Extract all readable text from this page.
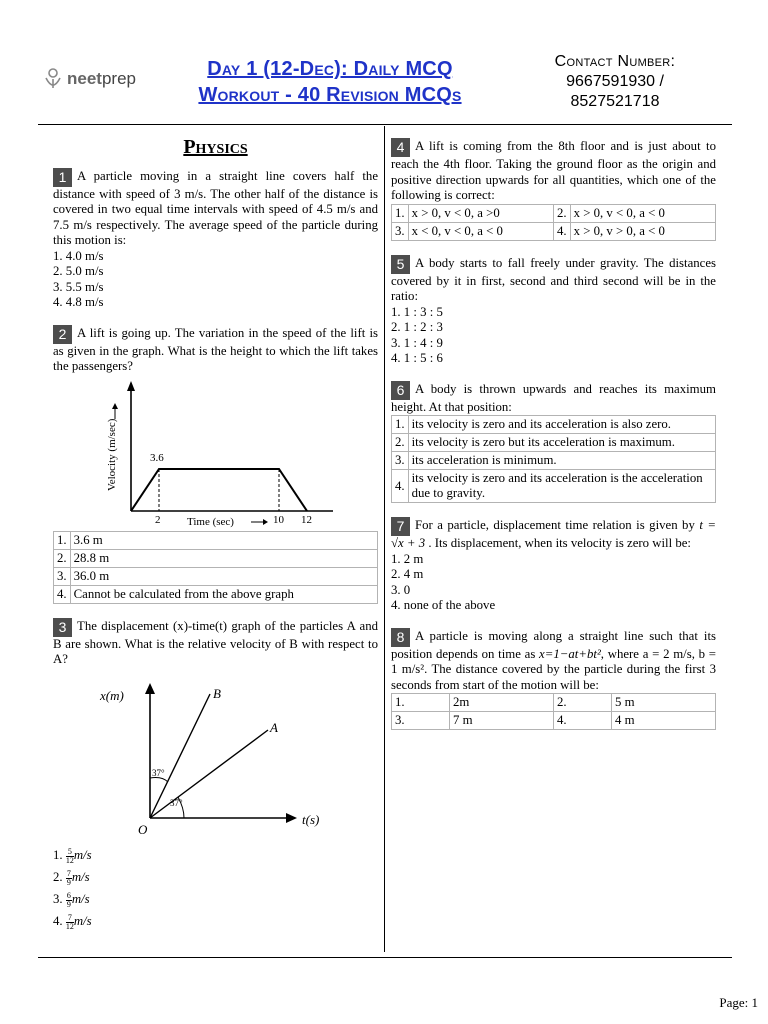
neetprep	Day 1 (12-Dec): Daily MCQ
Workout - 40 Revision MCQs
Contact Number:
9667591930 /
8527521718
Physics
1 A particle moving in a straight line covers half the distance with speed of 3 m/s. The other half of the distance is covered in two equal time intervals with speed of 4.5 m/s and 7.5 m/s respectively. The average speed of the particle during this motion is:
1. 4.0 m/s
2. 5.0 m/s
3. 5.5 m/s
4. 4.8 m/s
2 A lift is going up. The variation in the speed of the lift is as given in the graph. What is the height to which the lift takes the passengers?
3.6
2	10 12
Time (sec)
Velocity (m/sec)
1.	3.6 m
2.	28.8 m
3.	36.0 m
4.	Cannot be calculated from the above graph
3 The displacement (x)-time(t) graph of the particles A and B are shown. What is the relative velocity of B with respect to A?
x(m)
t(s)
O
B
A
37°
37°
1. $\frac{5}{12} m/s$
2. $\frac{7}{9} m/s$
3. $\frac{6}{9} m/s$
4. $\frac{7}{12} m/s$
4 A lift is coming from the 8th floor and is just about to reach the 4th floor. Taking the ground floor as the origin and positive direction upwards for all quantities, which one of the following is correct:
1.	x > 0, v < 0, a >0	2.	x > 0, v < 0, a < 0
3.	x < 0, v < 0, a < 0	4.	x > 0, v > 0, a < 0
5 A body starts to fall freely under gravity. The distances covered by it in first, second and third second will be in the ratio:
1. 1 : 3 : 5
2. 1 : 2 : 3
3. 1 : 4 : 9
4. 1 : 5 : 6
6 A body is thrown upwards and reaches its maximum height. At that position:
1.	its velocity is zero and its acceleration is also zero.
2.	its velocity is zero but its acceleration is maximum.
3.	its acceleration is minimum.
4.	its velocity is zero and its acceleration is the acceleration due to gravity.
7 For a particle, displacement time relation is given by t = √x + 3 . Its displacement, when its velocity is zero will be:
1. 2 m
2. 4 m
3. 0
4. none of the above
8 A particle is moving along a straight line such that its position depends on time as x=1−at+bt², where a = 2 m/s, b = 1 m/s². The distance covered by the particle during the first 3 seconds from start of the motion will be:
1.	2m	2.	5 m
3.	7 m	4.	4 m
Page: 1
